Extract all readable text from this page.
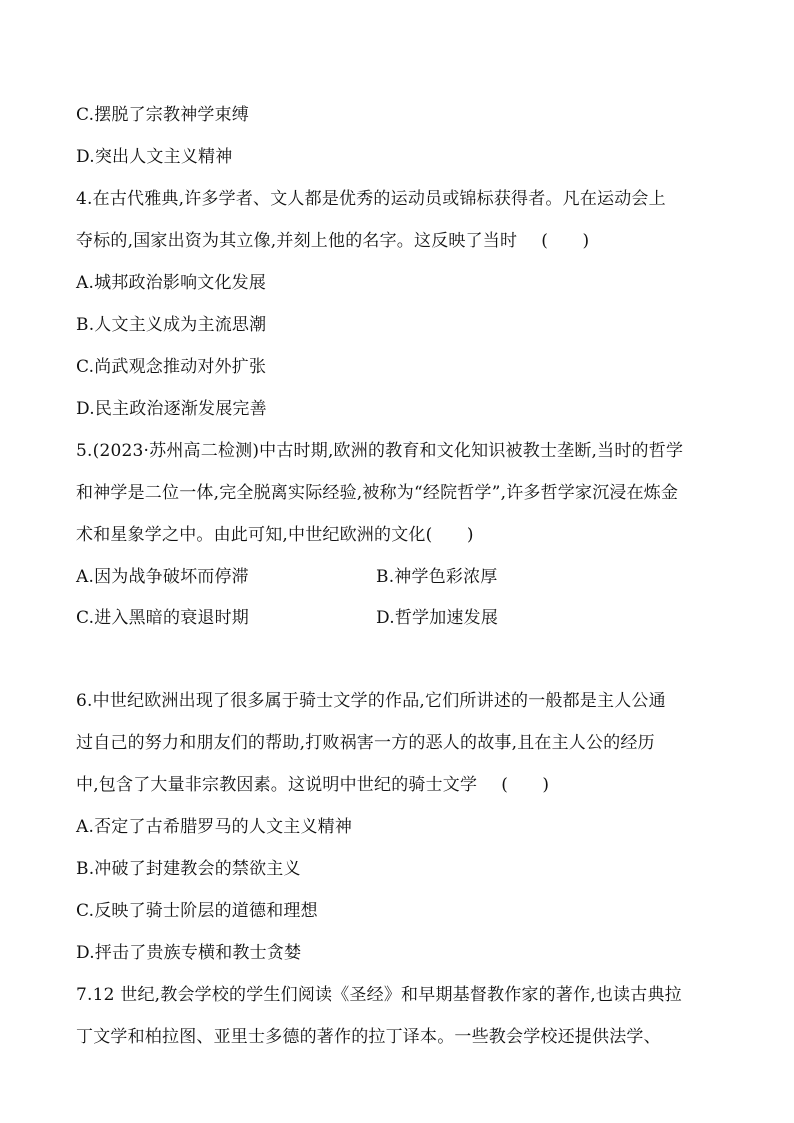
C.摆脱了宗教神学束缚
D.突出人文主义精神
4.在古代雅典,许多学者、文人都是优秀的运动员或锦标获得者。凡在运动会上
夺标的,国家出资为其立像,并刻上他的名字。这反映了当时 (　　)
A.城邦政治影响文化发展
B.人文主义成为主流思潮
C.尚武观念推动对外扩张
D.民主政治逐渐发展完善
5.(2023·苏州高二检测)中古时期,欧洲的教育和文化知识被教士垄断,当时的哲学
和神学是二位一体,完全脱离实际经验,被称为“经院哲学”,许多哲学家沉浸在炼金
术和星象学之中。由此可知,中世纪欧洲的文化(　　)
A.因为战争破坏而停滞	B.神学色彩浓厚
C.进入黑暗的衰退时期	D.哲学加速发展
6.中世纪欧洲出现了很多属于骑士文学的作品,它们所讲述的一般都是主人公通
过自己的努力和朋友们的帮助,打败祸害一方的恶人的故事,且在主人公的经历
中,包含了大量非宗教因素。这说明中世纪的骑士文学 (　　)
A.否定了古希腊罗马的人文主义精神
B.冲破了封建教会的禁欲主义
C.反映了骑士阶层的道德和理想
D.抨击了贵族专横和教士贪婪
7.12 世纪,教会学校的学生们阅读《圣经》和早期基督教作家的著作,也读古典拉
丁文学和柏拉图、亚里士多德的著作的拉丁译本。一些教会学校还提供法学、
